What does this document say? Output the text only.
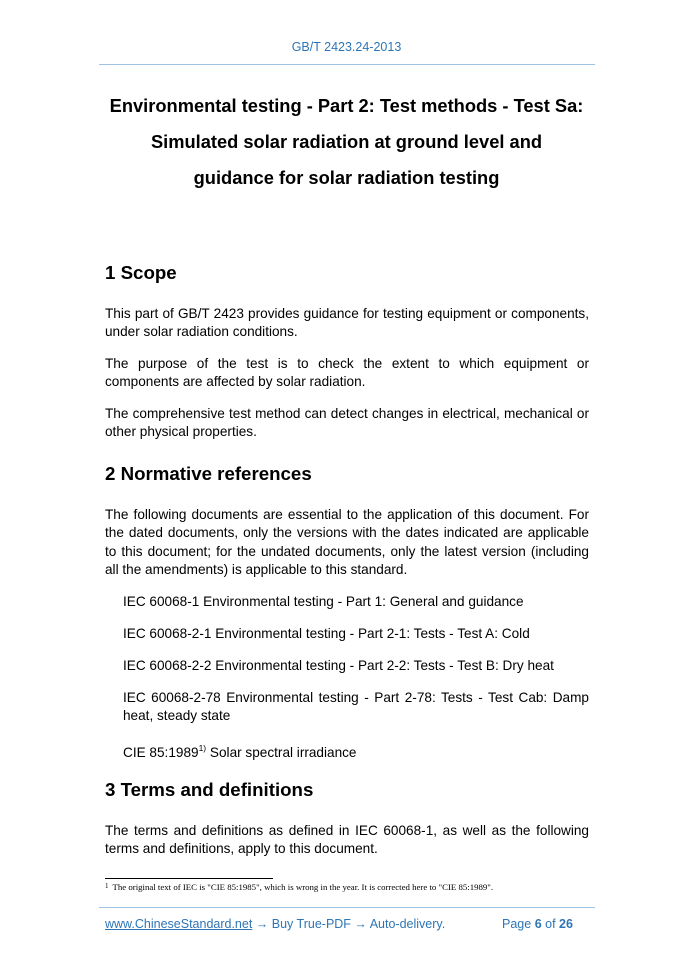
GB/T 2423.24-2013
Environmental testing - Part 2: Test methods - Test Sa:
Simulated solar radiation at ground level and
guidance for solar radiation testing
1 Scope
This part of GB/T 2423 provides guidance for testing equipment or components, under solar radiation conditions.
The purpose of the test is to check the extent to which equipment or components are affected by solar radiation.
The comprehensive test method can detect changes in electrical, mechanical or other physical properties.
2 Normative references
The following documents are essential to the application of this document. For the dated documents, only the versions with the dates indicated are applicable to this document; for the undated documents, only the latest version (including all the amendments) is applicable to this standard.
IEC 60068-1 Environmental testing - Part 1: General and guidance
IEC 60068-2-1 Environmental testing - Part 2-1: Tests - Test A: Cold
IEC 60068-2-2 Environmental testing - Part 2-2: Tests - Test B: Dry heat
IEC 60068-2-78 Environmental testing - Part 2-78: Tests - Test Cab: Damp heat, steady state
CIE 85:1989$^{1)}$ Solar spectral irradiance
3 Terms and definitions
The terms and definitions as defined in IEC 60068-1, as well as the following terms and definitions, apply to this document.
$^1$ The original text of IEC is "CIE 85:1985", which is wrong in the year. It is corrected here to "CIE 85:1989".
www.ChineseStandard.net → Buy True-PDF → Auto-delivery.	Page 6 of 26
